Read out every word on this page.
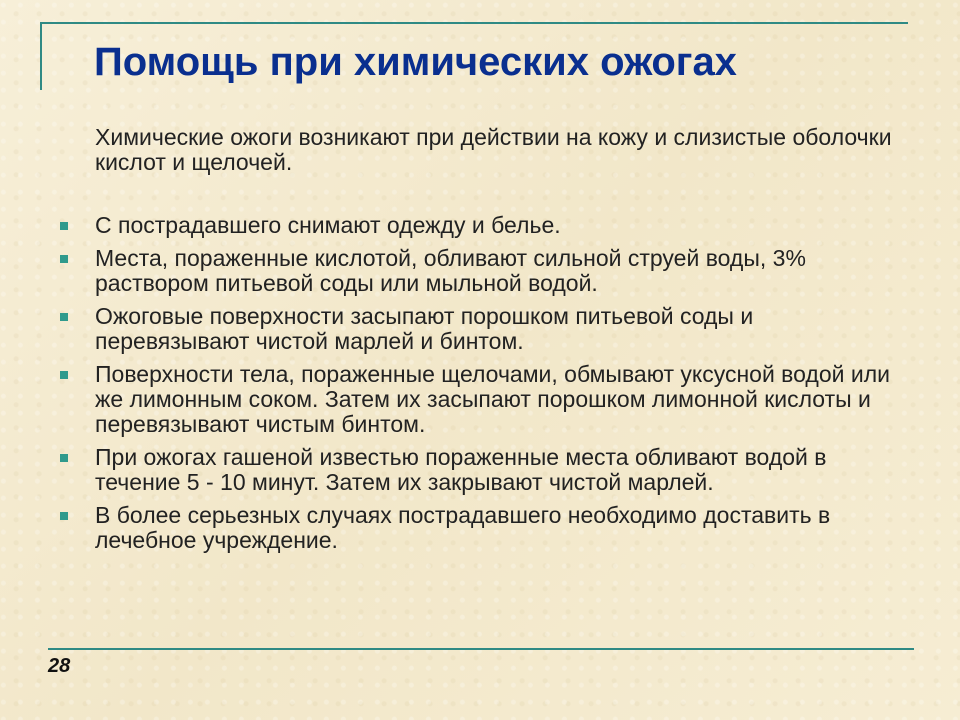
Помощь при химических ожогах

Химические ожоги возникают при действии на кожу и слизистые оболочки кислот и щелочей.

С пострадавшего снимают одежду и белье.
Места, пораженные кислотой, обливают сильной струей воды, 3% раствором питьевой соды или мыльной водой.
Ожоговые поверхности засыпают порошком питьевой соды и перевязывают чистой марлей и бинтом.
Поверхности тела, пораженные щелочами, обмывают уксусной водой или же лимонным соком. Затем их засыпают порошком лимонной кислоты и перевязывают чистым бинтом.
При ожогах гашеной известью пораженные места обливают водой в течение 5 - 10 минут. Затем их закрывают чистой марлей.
В более серьезных случаях пострадавшего необходимо доставить в лечебное учреждение.
28
